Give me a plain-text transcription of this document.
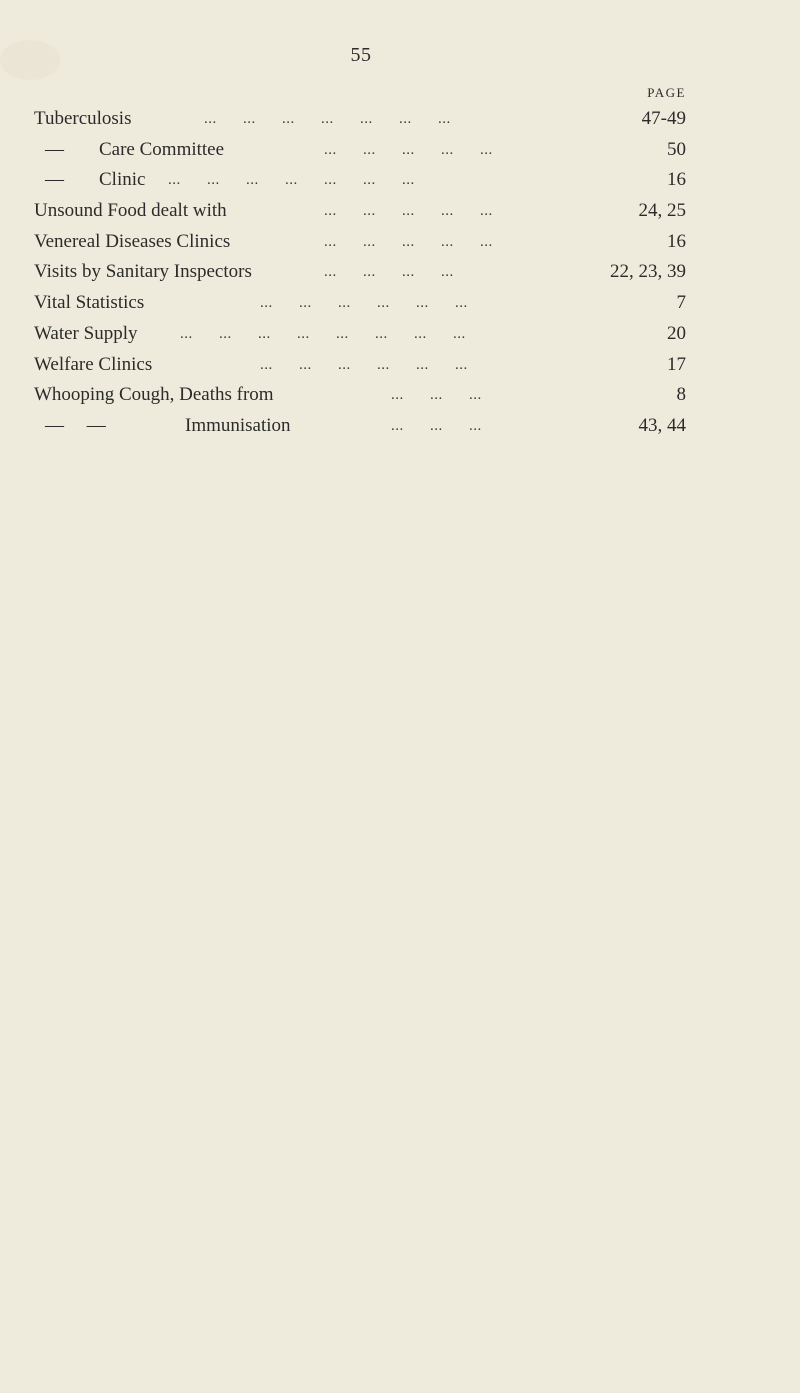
55
PAGE
Tuberculosis	... ... ... ... ... ... ...	47-49
— Care Committee	... ... ... ... ...	50
— Clinic ... ... ... ... ... ... ...	16
Unsound Food dealt with	... ... ... ... ...	24, 25
Venereal Diseases Clinics	... ... ... ... ...	16
Visits by Sanitary Inspectors	... ... ... ...	22, 23, 39
Vital Statistics	... ... ... ... ... ...	7
Water Supply	... ... ... ... ... ... ... ...	20
Welfare Clinics	... ... ... ... ... ...	17
Whooping Cough, Deaths from	... ... ...	8
— —	Immunisation	... ... ...	43, 44
